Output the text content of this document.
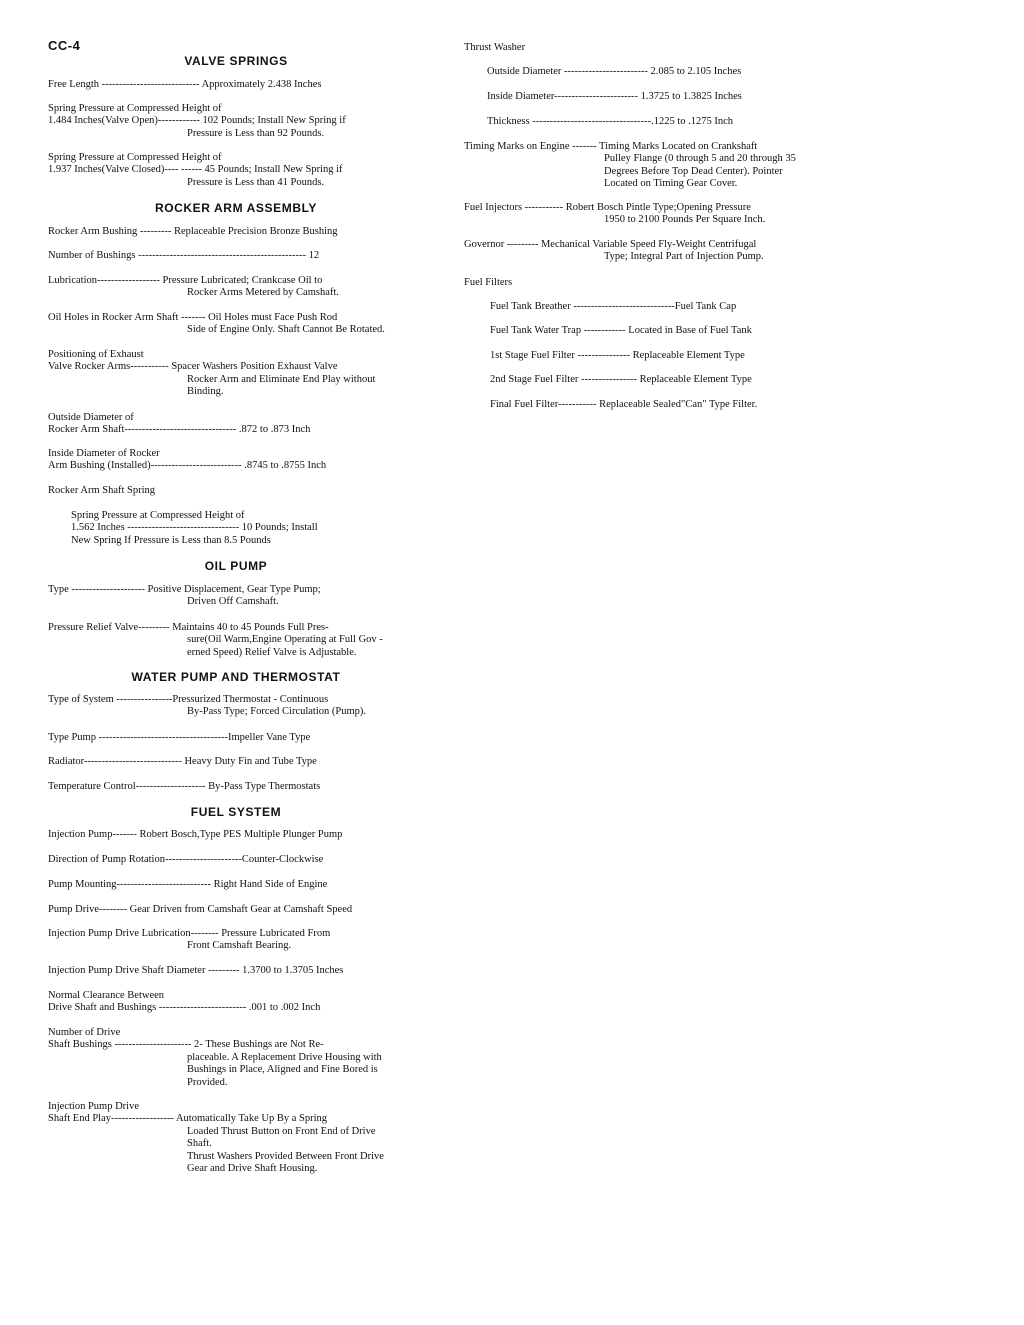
CC-4
VALVE SPRINGS
Free Length ---------------------------- Approximately 2.438 Inches
Spring Pressure at Compressed Height of
1.484 Inches(Valve Open)------------ 102 Pounds; Install New Spring if
Pressure is Less than 92 Pounds.
Spring Pressure at Compressed Height of
1.937 Inches(Valve Closed)---- ------ 45 Pounds; Install New Spring if
Pressure is Less than 41 Pounds.
ROCKER ARM ASSEMBLY
Rocker Arm Bushing --------- Replaceable Precision Bronze Bushing
Number of Bushings ------------------------------------------------ 12
Lubrication------------------ Pressure Lubricated; Crankcase Oil to
Rocker Arms Metered by Camshaft.
Oil Holes in Rocker Arm Shaft ------- Oil Holes must Face Push Rod
Side of Engine Only. Shaft Cannot Be Rotated.
Positioning of Exhaust
Valve Rocker Arms----------- Spacer Washers Position Exhaust Valve
Rocker Arm and Eliminate End Play without
Binding.
Outside Diameter of
Rocker Arm Shaft-------------------------------- .872 to .873 Inch
Inside Diameter of Rocker
Arm Bushing (Installed)-------------------------- .8745 to .8755 Inch
Rocker Arm Shaft Spring
Spring Pressure at Compressed Height of
1.562 Inches -------------------------------- 10 Pounds; Install
New Spring If Pressure is Less than 8.5 Pounds
OIL PUMP
Type --------------------- Positive Displacement, Gear Type Pump;
Driven Off Camshaft.
Pressure Relief Valve--------- Maintains 40 to 45 Pounds Full Pres-
sure(Oil Warm,Engine Operating at Full Gov -
erned Speed) Relief Valve is Adjustable.
WATER PUMP AND THERMOSTAT
Type of System ----------------Pressurized Thermostat - Continuous
By-Pass Type; Forced Circulation (Pump).
Type Pump -------------------------------------Impeller Vane Type
Radiator---------------------------- Heavy Duty Fin and Tube Type
Temperature Control-------------------- By-Pass Type Thermostats
FUEL SYSTEM
Injection Pump------- Robert Bosch,Type PES Multiple Plunger Pump
Direction of Pump Rotation----------------------Counter-Clockwise
Pump Mounting--------------------------- Right Hand Side of Engine
Pump Drive-------- Gear Driven from Camshaft Gear at Camshaft Speed
Injection Pump Drive Lubrication-------- Pressure Lubricated From
Front Camshaft Bearing.
Injection Pump Drive Shaft Diameter --------- 1.3700 to 1.3705 Inches
Normal Clearance Between
Drive Shaft and Bushings ------------------------- .001 to .002 Inch
Number of Drive
Shaft Bushings ---------------------- 2- These Bushings are Not Re-
placeable. A Replacement Drive Housing with
Bushings in Place, Aligned and Fine Bored is
Provided.
Injection Pump Drive
Shaft End Play------------------ Automatically Take Up By a Spring
Loaded Thrust Button on Front End of Drive
Shaft.
Thrust Washers Provided Between Front Drive
Gear and Drive Shaft Housing.
Thrust Washer
Outside Diameter ------------------------ 2.085 to 2.105 Inches
Inside Diameter------------------------ 1.3725 to 1.3825 Inches
Thickness ----------------------------------.1225 to .1275 Inch
Timing Marks on Engine ------- Timing Marks Located on Crankshaft
Pulley Flange (0 through 5 and 20 through 35
Degrees Before Top Dead Center). Pointer
Located on Timing Gear Cover.
Fuel Injectors ----------- Robert Bosch Pintle Type;Opening Pressure
1950 to 2100 Pounds Per Square Inch.
Governor --------- Mechanical Variable Speed Fly-Weight Centrifugal
Type; Integral Part of Injection Pump.
Fuel Filters
Fuel Tank Breather -----------------------------Fuel Tank Cap
Fuel Tank Water Trap ------------ Located in Base of Fuel Tank
1st Stage Fuel Filter --------------- Replaceable Element Type
2nd Stage Fuel Filter ---------------- Replaceable Element Type
Final Fuel Filter----------- Replaceable Sealed"Can" Type Filter.
